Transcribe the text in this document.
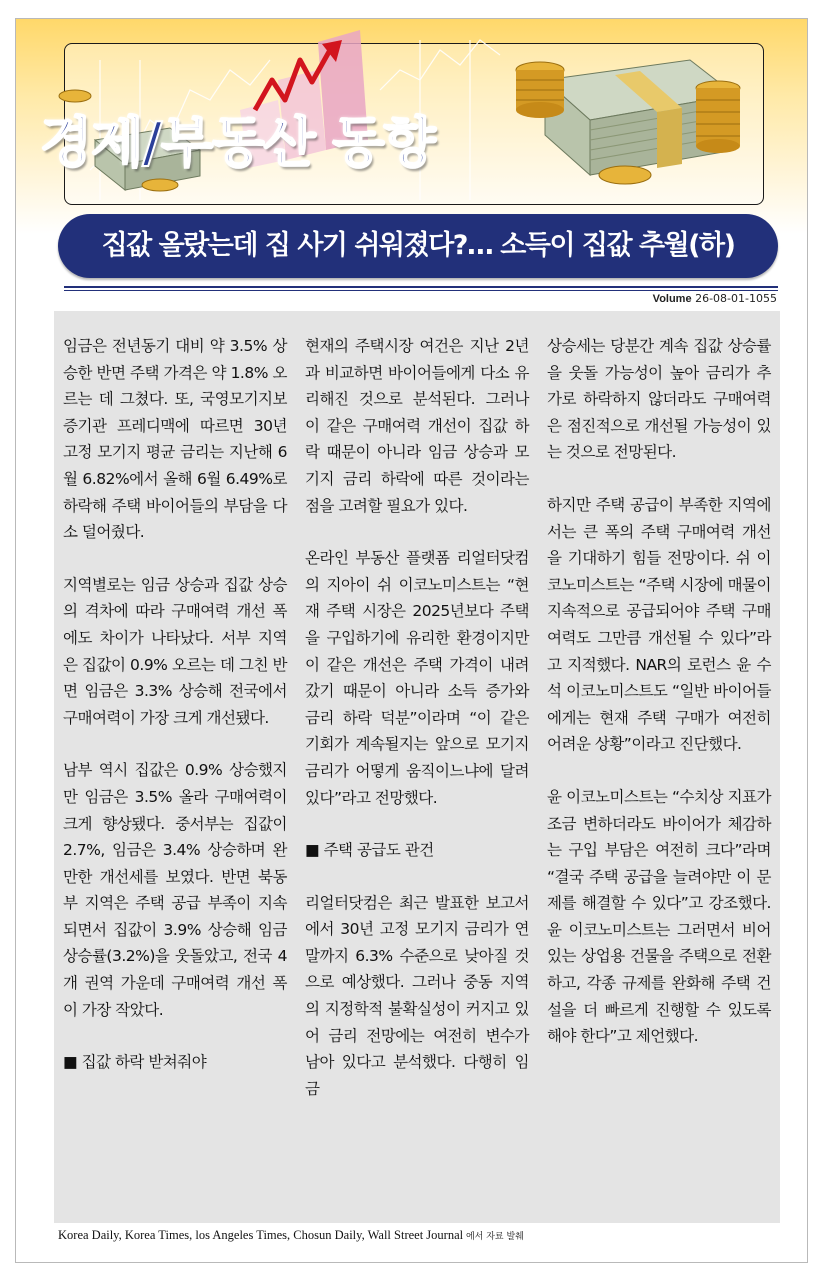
경제/부동산 동향
집값 올랐는데 집 사기 쉬워졌다?… 소득이 집값 추월(하)
Volume 26-08-01-1055

임금은 전년동기 대비 약 3.5% 상승한 반면 주택 가격은 약 1.8% 오르는 데 그쳤다. 또, 국영모기지보증기관 프레디맥에 따르면 30년 고정 모기지 평균 금리는 지난해 6월 6.82%에서 올해 6월 6.49%로 하락해 주택 바이어들의 부담을 다소 덜어줬다.

지역별로는 임금 상승과 집값 상승의 격차에 따라 구매여력 개선 폭에도 차이가 나타났다. 서부 지역은 집값이 0.9% 오르는 데 그친 반면 임금은 3.3% 상승해 전국에서 구매여력이 가장 크게 개선됐다.

남부 역시 집값은 0.9% 상승했지만 임금은 3.5% 올라 구매여력이 크게 향상됐다. 중서부는 집값이 2.7%, 임금은 3.4% 상승하며 완만한 개선세를 보였다. 반면 북동부 지역은 주택 공급 부족이 지속되면서 집값이 3.9% 상승해 임금 상승률(3.2%)을 웃돌았고, 전국 4개 권역 가운데 구매여력 개선 폭이 가장 작았다.

■ 집값 하락 받쳐줘야

현재의 주택시장 여건은 지난 2년과 비교하면 바이어들에게 다소 유리해진 것으로 분석된다. 그러나 이 같은 구매여력 개선이 집값 하락 때문이 아니라 임금 상승과 모기지 금리 하락에 따른 것이라는 점을 고려할 필요가 있다.

온라인 부동산 플랫폼 리얼터닷컴의 지아이 쉬 이코노미스트는 “현재 주택 시장은 2025년보다 주택을 구입하기에 유리한 환경이지만 이 같은 개선은 주택 가격이 내려갔기 때문이 아니라 소득 증가와 금리 하락 덕분”이라며 “이 같은 기회가 계속될지는 앞으로 모기지 금리가 어떻게 움직이느냐에 달려 있다”라고 전망했다.

■ 주택 공급도 관건

리얼터닷컴은 최근 발표한 보고서에서 30년 고정 모기지 금리가 연말까지 6.3% 수준으로 낮아질 것으로 예상했다. 그러나 중동 지역의 지정학적 불확실성이 커지고 있어 금리 전망에는 여전히 변수가 남아 있다고 분석했다. 다행히 임금

상승세는 당분간 계속 집값 상승률을 웃돌 가능성이 높아 금리가 추가로 하락하지 않더라도 구매여력은 점진적으로 개선될 가능성이 있는 것으로 전망된다.

하지만 주택 공급이 부족한 지역에서는 큰 폭의 주택 구매여력 개선을 기대하기 힘들 전망이다. 쉬 이코노미스트는 “주택 시장에 매물이 지속적으로 공급되어야 주택 구매여력도 그만큼 개선될 수 있다”라고 지적했다. NAR의 로런스 윤 수석 이코노미스트도 “일반 바이어들에게는 현재 주택 구매가 여전히 어려운 상황”이라고 진단했다.

윤 이코노미스트는 “수치상 지표가 조금 변하더라도 바이어가 체감하는 구입 부담은 여전히 크다”라며 “결국 주택 공급을 늘려야만 이 문제를 해결할 수 있다”고 강조했다. 윤 이코노미스트는 그러면서 비어 있는 상업용 건물을 주택으로 전환하고, 각종 규제를 완화해 주택 건설을 더 빠르게 진행할 수 있도록 해야 한다”고 제언했다.

Korea Daily, Korea Times, los Angeles Times, Chosun Daily, Wall Street Journal 에서 자료 발췌
